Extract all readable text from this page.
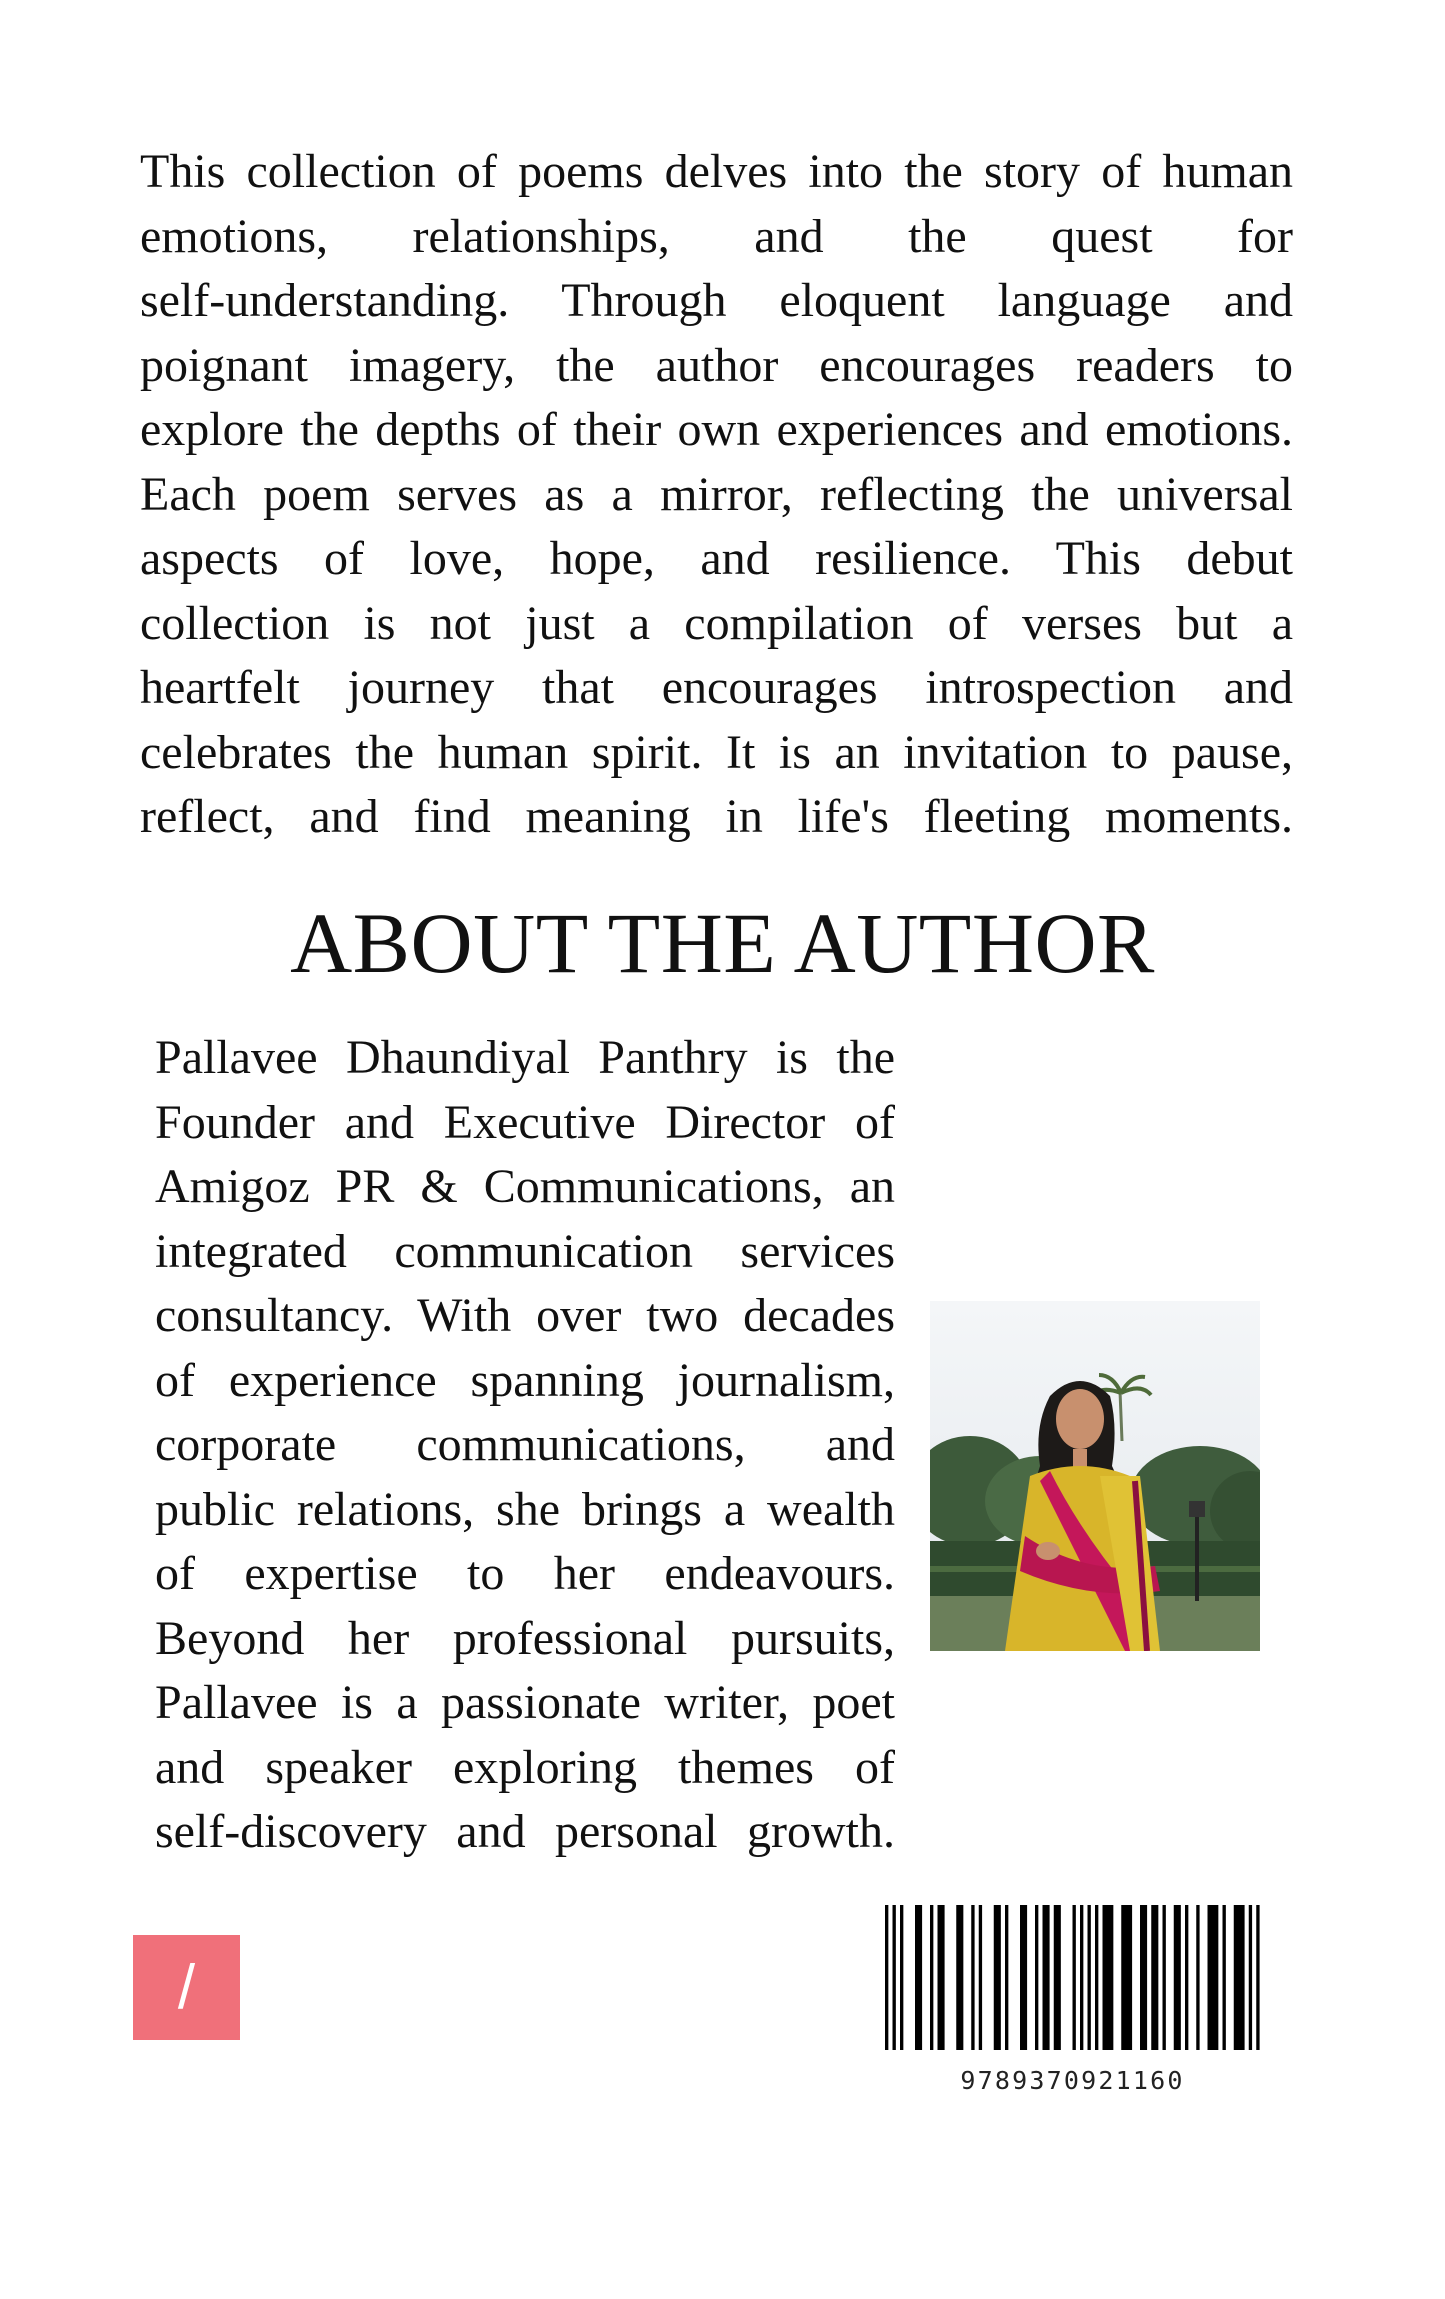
This collection of poems delves into the story of human
emotions, relationships, and the quest for
self-understanding. Through eloquent language and
poignant imagery, the author encourages readers to
explore the depths of their own experiences and emotions.
Each poem serves as a mirror, reflecting the universal
aspects of love, hope, and resilience. This debut
collection is not just a compilation of verses but a
heartfelt journey that encourages introspection and
celebrates the human spirit. It is an invitation to pause,
reflect, and find meaning in life's fleeting moments.

ABOUT THE AUTHOR

Pallavee Dhaundiyal Panthry is the
Founder and Executive Director of
Amigoz PR & Communications, an
integrated communication services
consultancy. With over two decades
of experience spanning journalism,
corporate communications, and
public relations, she brings a wealth
of expertise to her endeavours.
Beyond her professional pursuits,
Pallavee is a passionate writer, poet
and speaker exploring themes of
self-discovery and personal growth.

/
9789370921160
